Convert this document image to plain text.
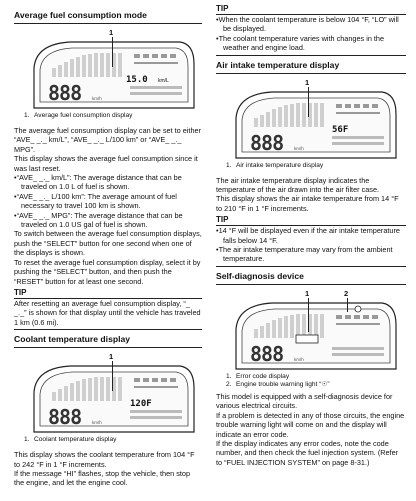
Average fuel consumption mode
1
15.0 km/L
1. Average fuel consumption display

The average fuel consumption display can be set to either “AVE_ _._ km/L”, “AVE_ _._ L/100 km” or “AVE_ _._ MPG”.

This display shows the average fuel consumption since it was last reset.

•“AVE_ _._ km/L”: The average distance that can be traveled on 1.0 L of fuel is shown.

•“AVE_ _._ L/100 km”: The average amount of fuel necessary to travel 100 km is shown.

•“AVE_ _._ MPG”: The average distance that can be traveled on 1.0 US gal of fuel is shown.

To switch between the average fuel consumption displays, push the “SELECT” button for one second when one of the displays is shown.

To reset the average fuel consumption display, select it by pushing the “SELECT” button, and then push the “RESET” button for at least one second.

TIP

After resetting an average fuel consumption display, “_ _._” is shown for that display until the vehicle has traveled 1 km (0.6 mi).

Coolant temperature display
1
120F
1. Coolant temperature display

This display shows the coolant temperature from 104 °F to 242 °F in 1 °F increments.

If the message “HI” flashes, stop the vehicle, then stop the engine, and let the engine cool.

TIP

•When the coolant temperature is below 104 °F, “LO” will be displayed.

•The coolant temperature varies with changes in the weather and engine load.

Air intake temperature display
1
56F
1. Air intake temperature display

The air intake temperature display indicates the temperature of the air drawn into the air filter case.

This display shows the air intake temperature from 14 °F to 210 °F in 1 °F increments.

TIP

•14 °F will be displayed even if the air intake temperature falls below 14 °F.

•The air intake temperature may vary from the ambient temperature.

Self-diagnosis device
1	2
1. Error code display
2. Engine trouble warning light “☉”

This model is equipped with a self-diagnosis device for various electrical circuits.

If a problem is detected in any of those circuits, the engine trouble warning light will come on and the display will indicate an error code.

If the display indicates any error codes, note the code number, and then check the fuel injection system. (Refer to “FUEL INJECTION SYSTEM” on page 8-31.)
